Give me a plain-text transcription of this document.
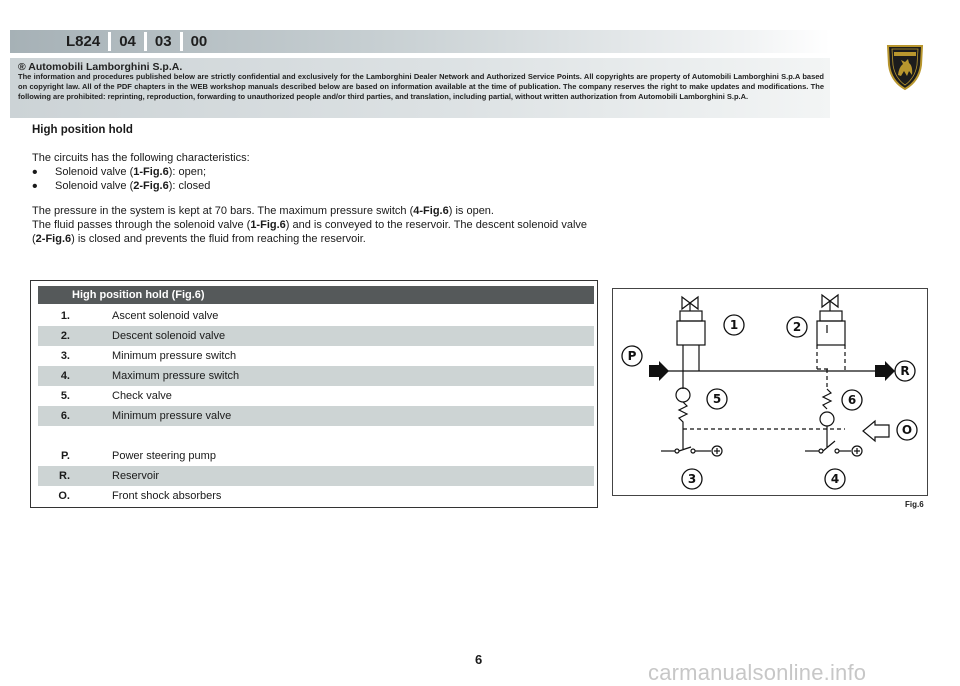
L824	04	03	00
® Automobili Lamborghini S.p.A.
The information and procedures published below are strictly confidential and exclusively for the Lamborghini Dealer Network and Authorized Service Points. All copyrights are property of Automobili Lamborghini S.p.A based on copyright law. All of the PDF chapters in the WEB workshop manuals described below are based on information available at the time of publication. The company reserves the right to make updates and modifications. The following are prohibited: reprinting, reproduction, forwarding to unauthorized people and/or third parties, and translation, including partial, without written authorization from Automobili Lamborghini S.p.A.
High position hold
The circuits has the following characteristics:
• Solenoid valve (1-Fig.6): open;
• Solenoid valve (2-Fig.6): closed
The pressure in the system is kept at 70 bars. The maximum pressure switch (4-Fig.6) is open.
The fluid passes through the solenoid valve (1-Fig.6) and is conveyed to the reservoir. The descent solenoid valve
(2-Fig.6) is closed and prevents the fluid from reaching the reservoir.
High position hold (Fig.6)
1.	Ascent solenoid valve
2.	Descent solenoid valve
3.	Minimum pressure switch
4.	Maximum pressure switch
5.	Check valve
6.	Minimum pressure valve
P.	Power steering pump
R.	Reservoir
O.	Front shock absorbers
1	2
P
R
5	6
O
3	4
Fig.6
6
carmanualsonline.info
